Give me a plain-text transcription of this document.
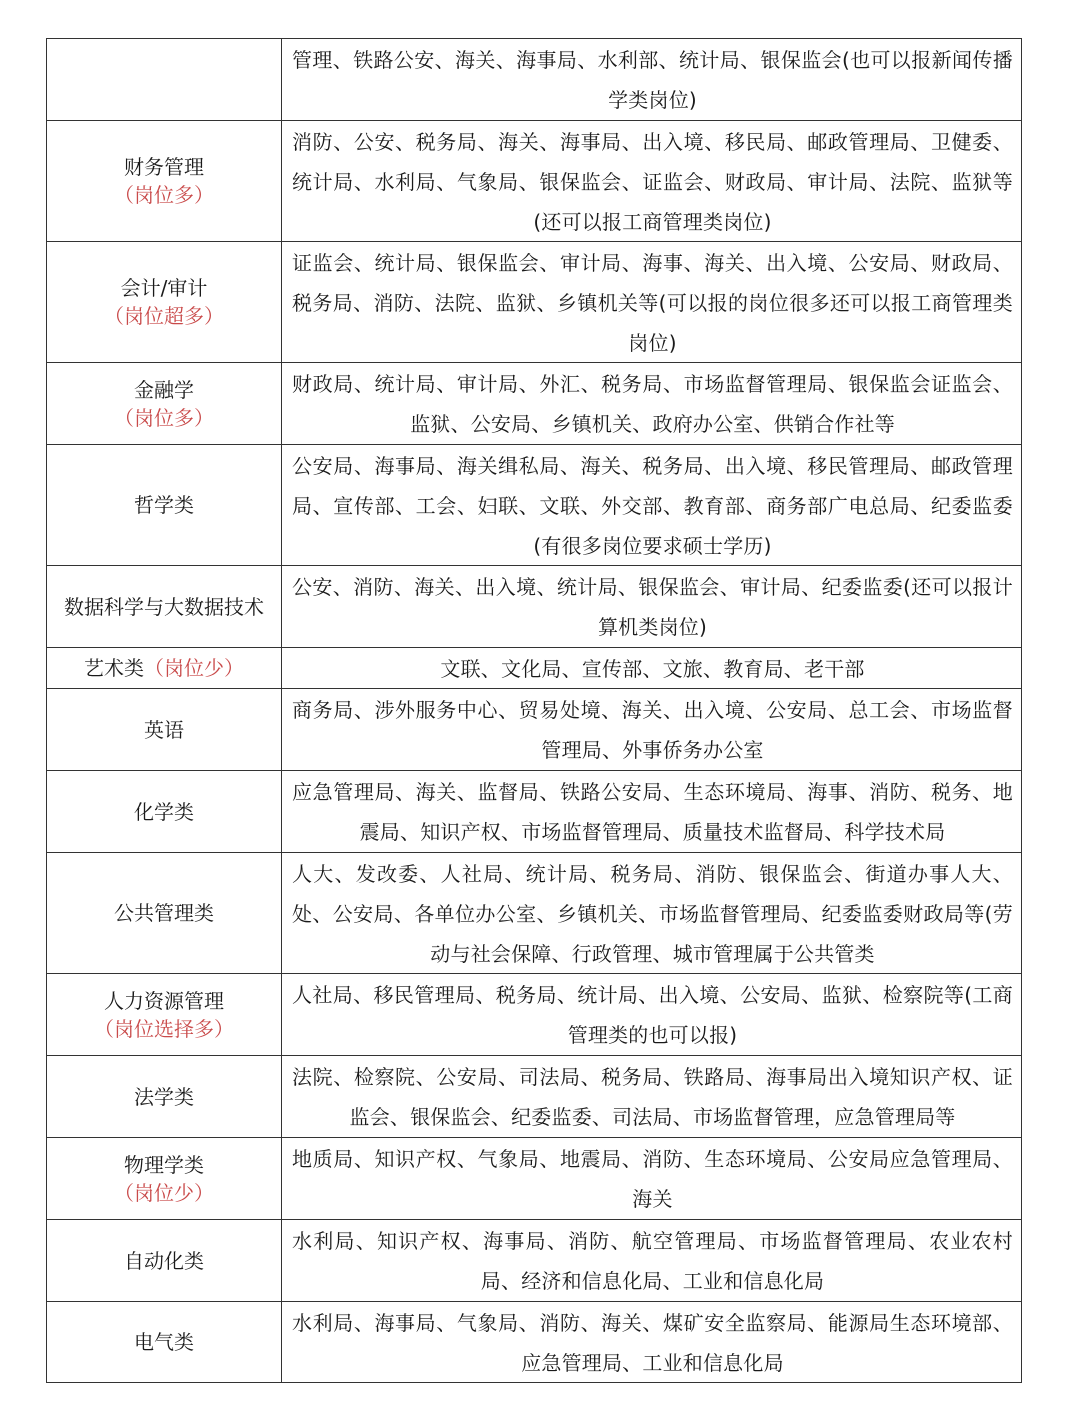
管理、铁路公安、海关、海事局、水利部、统计局、银保监会(也可以报新闻传播学类岗位)
财务管理
（岗位多）
消防、公安、税务局、海关、海事局、出入境、移民局、邮政管理局、卫健委、统计局、水利局、气象局、银保监会、证监会、财政局、审计局、法院、监狱等(还可以报工商管理类岗位)
会计/审计
（岗位超多）
证监会、统计局、银保监会、审计局、海事、海关、出入境、公安局、财政局、税务局、消防、法院、监狱、乡镇机关等(可以报的岗位很多还可以报工商管理类岗位)
金融学
（岗位多）
财政局、统计局、审计局、外汇、税务局、市场监督管理局、银保监会证监会、监狱、公安局、乡镇机关、政府办公室、供销合作社等
哲学类
公安局、海事局、海关缉私局、海关、税务局、出入境、移民管理局、邮政管理局、宣传部、工会、妇联、文联、外交部、教育部、商务部广电总局、纪委监委(有很多岗位要求硕士学历)
数据科学与大数据技术
公安、消防、海关、出入境、统计局、银保监会、审计局、纪委监委(还可以报计算机类岗位)
艺术类 （岗位少）	文联、文化局、宣传部、文旅、教育局、老干部
英语
商务局、涉外服务中心、贸易处境、海关、出入境、公安局、总工会、市场监督管理局、外事侨务办公室
化学类
应急管理局、海关、监督局、铁路公安局、生态环境局、海事、消防、税务、地震局、知识产权、市场监督管理局、质量技术监督局、科学技术局
公共管理类
人大、发改委、人社局、统计局、税务局、消防、银保监会、街道办事人大、处、公安局、各单位办公室、乡镇机关、市场监督管理局、纪委监委财政局等(劳动与社会保障、行政管理、城市管理属于公共管类
人力资源管理
（岗位选择多）
人社局、移民管理局、税务局、统计局、出入境、公安局、监狱、检察院等(工商管理类的也可以报)
法学类
法院、检察院、公安局、司法局、税务局、铁路局、海事局出入境知识产权、证监会、银保监会、纪委监委、司法局、市场监督管理，应急管理局等
物理学类
（岗位少）
地质局、知识产权、气象局、地震局、消防、生态环境局、公安局应急管理局、海关
自动化类
水利局、知识产权、海事局、消防、航空管理局、市场监督管理局、农业农村局、经济和信息化局、工业和信息化局
电气类
水利局、海事局、气象局、消防、海关、煤矿安全监察局、能源局生态环境部、应急管理局、工业和信息化局
